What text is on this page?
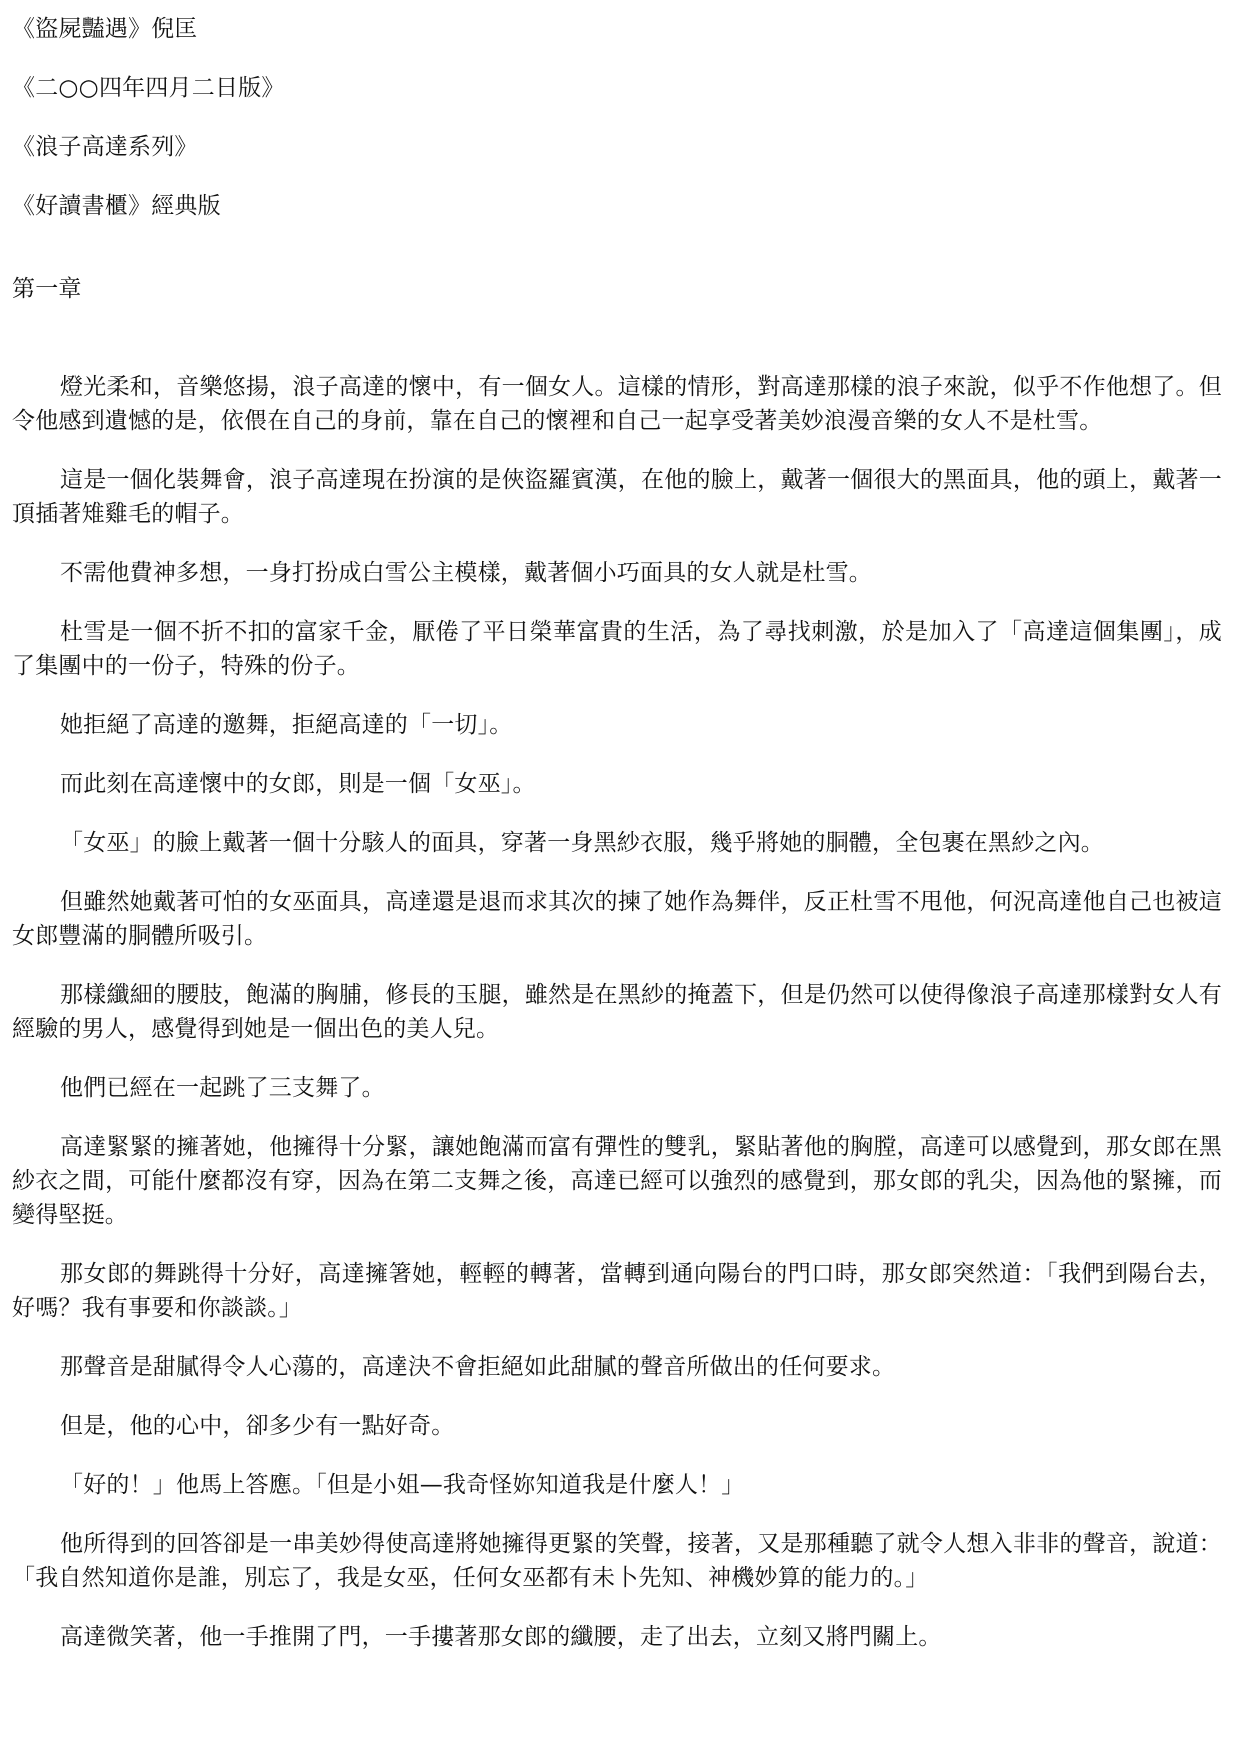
《盜屍豔遇》倪匡
《二○○四年四月二日版》
《浪子高達系列》
《好讀書櫃》經典版
第一章

燈光柔和，音樂悠揚，浪子高達的懷中，有一個女人。這樣的情形，對高達那樣的浪子來說，似乎不作他想了。但令他感到遺憾的是，依偎在自己的身前，靠在自己的懷裡和自己一起享受著美妙浪漫音樂的女人不是杜雪。

這是一個化裝舞會，浪子高達現在扮演的是俠盜羅賓漢，在他的臉上，戴著一個很大的黑面具，他的頭上，戴著一頂插著雉雞毛的帽子。

不需他費神多想，一身打扮成白雪公主模樣，戴著個小巧面具的女人就是杜雪。

杜雪是一個不折不扣的富家千金，厭倦了平日榮華富貴的生活，為了尋找刺激，於是加入了「高達這個集團」，成了集團中的一份子，特殊的份子。

她拒絕了高達的邀舞，拒絕高達的「一切」。

而此刻在高達懷中的女郎，則是一個「女巫」。

「女巫」的臉上戴著一個十分駭人的面具，穿著一身黑紗衣服，幾乎將她的胴體，全包裹在黑紗之內。

但雖然她戴著可怕的女巫面具，高達還是退而求其次的揀了她作為舞伴，反正杜雪不甩他，何況高達他自己也被這女郎豐滿的胴體所吸引。

那樣纖細的腰肢，飽滿的胸脯，修長的玉腿，雖然是在黑紗的掩蓋下，但是仍然可以使得像浪子高達那樣對女人有經驗的男人，感覺得到她是一個出色的美人兒。

他們已經在一起跳了三支舞了。

高達緊緊的擁著她，他擁得十分緊，讓她飽滿而富有彈性的雙乳，緊貼著他的胸膛，高達可以感覺到，那女郎在黑紗衣之間，可能什麼都沒有穿，因為在第二支舞之後，高達已經可以強烈的感覺到，那女郎的乳尖，因為他的緊擁，而變得堅挺。

那女郎的舞跳得十分好，高達擁箸她，輕輕的轉著，當轉到通向陽台的門口時，那女郎突然道：「我們到陽台去，好嗎？我有事要和你談談。」

那聲音是甜膩得令人心蕩的，高達決不會拒絕如此甜膩的聲音所做出的任何要求。

但是，他的心中，卻多少有一點好奇。

「好的！」他馬上答應。「但是小姐—我奇怪妳知道我是什麼人！」

他所得到的回答卻是一串美妙得使高達將她擁得更緊的笑聲，接著，又是那種聽了就令人想入非非的聲音，說道：「我自然知道你是誰，別忘了，我是女巫，任何女巫都有未卜先知、神機妙算的能力的。」

高達微笑著，他一手推開了門，一手摟著那女郎的纖腰，走了出去，立刻又將門關上。
